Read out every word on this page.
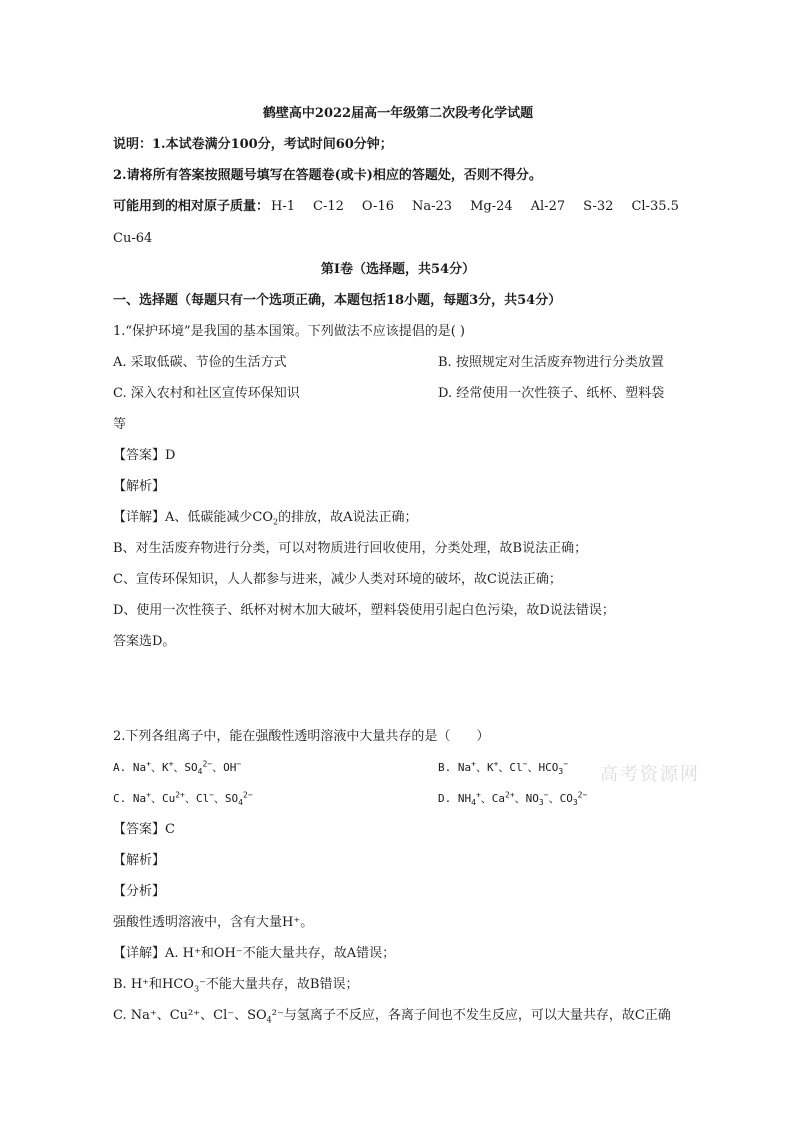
鹤壁高中2022届高一年级第二次段考化学试题
说明：1.本试卷满分100分，考试时间60分钟；
2.请将所有答案按照题号填写在答题卷(或卡)相应的答题处，否则不得分。
可能用到的相对原子质量： H-1 C-12 O-16 Na-23 Mg-24 Al-27 S-32 Cl-35.5
Cu-64
第Ⅰ卷（选择题，共54分）
一、选择题（每题只有一个选项正确，本题包括18小题，每题3分，共54分）
1.“保护环境”是我国的基本国策。下列做法不应该提倡的是( )
A. 采取低碳、节俭的生活方式	B. 按照规定对生活废弃物进行分类放置
C. 深入农村和社区宣传环保知识	D. 经常使用一次性筷子、纸杯、塑料袋
等
【答案】D
【解析】
【详解】A、低碳能减少$CO_2$的排放，故A说法正确；
B、对生活废弃物进行分类，可以对物质进行回收使用，分类处理，故B说法正确；
C、宣传环保知识，人人都参与进来，减少人类对环境的破坏，故C说法正确；
D、使用一次性筷子、纸杯对树木加大破坏，塑料袋使用引起白色污染，故D说法错误；
答案选D。
2.下列各组离子中，能在强酸性透明溶液中大量共存的是（　　）
A. Na+、K+、$SO_4^{2-}$、OH−	B. Na+、K+、Cl−、$HCO_3^-$
C. Na+、$Cu^{2+}$、Cl−、$SO_4^{2-}$	D. $NH_4^+$、$Ca^{2+}$、$NO_3^-$、$CO_3^{2-}$
【答案】C
【解析】
【分析】
强酸性透明溶液中，含有大量H⁺。
【详解】A. H⁺和OH⁻不能大量共存，故A错误；
B. H⁺和$HCO_3^-$不能大量共存，故B错误；
C. Na⁺、Cu²⁺、Cl⁻、$SO_4^{2-}$与氢离子不反应，各离子间也不发生反应，可以大量共存，故C正确
高考资源网
